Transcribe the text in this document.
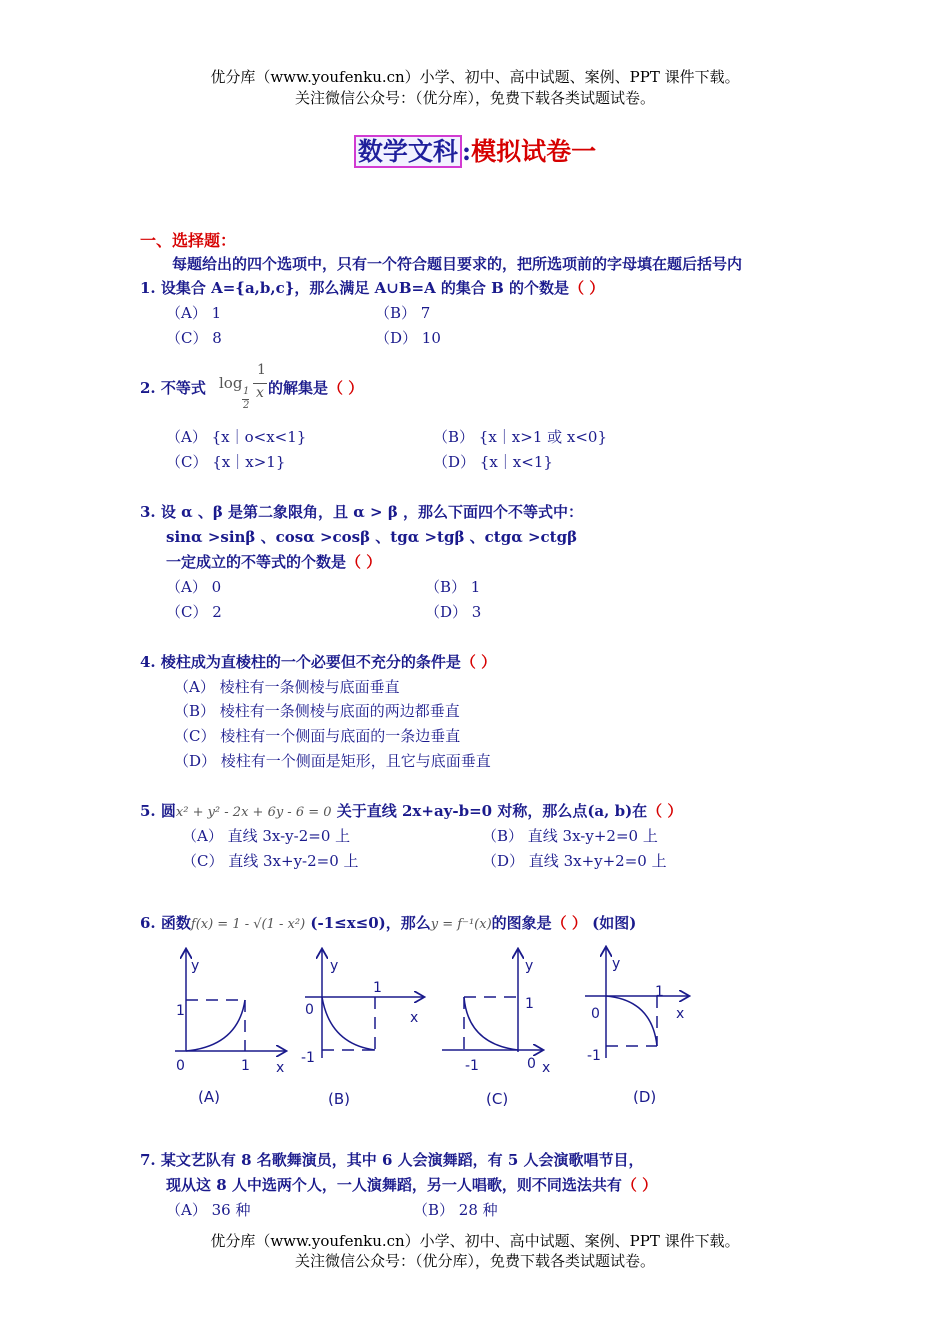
优分库（www.youfenku.cn）小学、初中、高中试题、案例、PPT 课件下载。
关注微信公众号：（优分库），免费下载各类试题试卷。
数学文科 :模拟试卷一
一、选择题：
每题给出的四个选项中，只有一个符合题目要求的，把所选项前的字母填在题后括号内
1. 设集合 A={a,b,c}，那么满足 A∪B=A 的集合 B 的个数是（ ）
（A） 1	（B） 7
（C） 8	（D） 10
2. 不等式 log 1
2
1
x 的解集是（ ）
（A） {x｜o<x<1}	（B） {x｜x>1 或 x<0}
（C） {x｜x>1}	（D） {x｜x<1}
3. 设 α 、β 是第二象限角，且 α > β ，那么下面四个不等式中：
sinα >sinβ 、cosα >cosβ 、tgα >tgβ 、ctgα >ctgβ
一定成立的不等式的个数是（ ）
（A） 0	（B） 1
（C） 2	（D） 3
4. 棱柱成为直棱柱的一个必要但不充分的条件是（ ）
（A） 棱柱有一条侧棱与底面垂直
（B） 棱柱有一条侧棱与底面的两边都垂直
（C） 棱柱有一个侧面与底面的一条边垂直
（D） 棱柱有一个侧面是矩形，且它与底面垂直
5. 圆x² + y² - 2x + 6y - 6 = 0 关于直线 2x+ay-b=0 对称，那么点(a, b)在（ ）
（A） 直线 3x-y-2=0 上	（B） 直线 3x-y+2=0 上
（C） 直线 3x+y-2=0 上	（D） 直线 3x+y+2=0 上
6. 函数f(x) = 1 - √(1 - x²) (-1≤x≤0)，那么y = f⁻¹(x)的图象是（ ） (如图)
y
x
1
0	1
(A)
y
x
1
0
-1
(B)
y
x
1
-1	0
(C)
y
x
1
0
-1
(D)
7. 某文艺队有 8 名歌舞演员，其中 6 人会演舞蹈，有 5 人会演歌唱节目，
现从这 8 人中选两个人，一人演舞蹈，另一人唱歌，则不同选法共有（ ）
（A） 36 种	（B） 28 种
优分库（www.youfenku.cn）小学、初中、高中试题、案例、PPT 课件下载。
关注微信公众号：（优分库），免费下载各类试题试卷。
